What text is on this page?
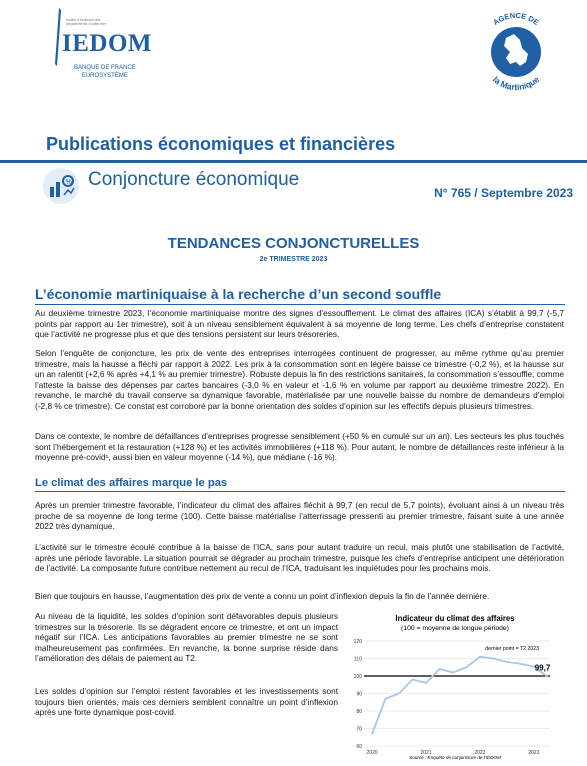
Institut d'émission des départements d'outre-mer
IEDOM
BANQUE DE FRANCE
EUROSYSTÈME
AGENCE DE
la Martinique
Publications économiques et financières
% Conjoncture économique
N° 765 / Septembre 2023
TENDANCES CONJONCTURELLES
2e TRIMESTRE 2023
L’économie martiniquaise à la recherche d’un second souffle
Au deuxième trimestre 2023, l’économie martiniquaise montre des signes d’essoufflement. Le climat des affaires (ICA) s’établit à 99,7 (-5,7 points par rapport au 1er trimestre), soit à un niveau sensiblement équivalent à sa moyenne de long terme. Les chefs d’entreprise constatent que l’activité ne progresse plus et que des tensions persistent sur leurs trésoreries.
Selon l’enquête de conjoncture, les prix de vente des entreprises interrogées continuent de progresser, au même rythme qu’au premier trimestre, mais la hausse a fléchi par rapport à 2022. Les prix à la consommation sont en légère baisse ce trimestre (-0,2 %), et la hausse sur un an ralentit (+2,6 % après +4,1 % au premier trimestre). Robuste depuis la fin des restrictions sanitaires, la consommation s’essouffle, comme l’atteste la baisse des dépenses par cartes bancaires (-3,0 % en valeur et -1,6 % en volume par rapport au deuxième trimestre 2022). En revanche, le marché du travail conserve sa dynamique favorable, matérialisée par une nouvelle baisse du nombre de demandeurs d’emploi (-2,8 % ce trimestre). Ce constat est corroboré par la bonne orientation des soldes d’opinion sur les effectifs depuis plusieurs trimestres.
Dans ce contexte, le nombre de défaillances d’entreprises progresse sensiblement (+50 % en cumulé sur un an). Les secteurs les plus touchés sont l’hébergement et la restauration (+128 %) et les activités immobilières (+118 %). Pour autant, le nombre de défaillances reste inférieur à la moyenne pré-covid¹, aussi bien en valeur moyenne (-14 %), que médiane (-16 %).
Le climat des affaires marque le pas
Après un premier trimestre favorable, l’indicateur du climat des affaires fléchit à 99,7 (en recul de 5,7 points), évoluant ainsi à un niveau très proche de sa moyenne de long terme (100). Cette baisse matérialise l’atterrissage pressenti au premier trimestre, faisant suite à une année 2022 très dynamique.
L’activité sur le trimestre écoulé contribue à la baisse de l’ICA, sans pour autant traduire un recul, mais plutôt une stabilisation de l’activité, après une période favorable. La situation pourrait se dégrader au prochain trimestre, puisque les chefs d’entreprise anticipent une détérioration de l’activité. La composante future contribue nettement au recul de l’ICA, traduisant les inquiétudes pour les prochains mois.
Bien que toujours en hausse, l’augmentation des prix de vente a connu un point d’inflexion depuis la fin de l’année dernière.
Au niveau de la liquidité, les soldes d’opinion sont défavorables depuis plusieurs trimestres sur la trésorerie. Ils se dégradent encore ce trimestre, et ont un impact négatif sur l’ICA. Les anticipations favorables au premier trimestre ne se sont malheureusement pas confirmées. En revanche, la bonne surprise réside dans l’amélioration des délais de paiement au T2.
Les soldes d’opinion sur l’emploi restent favorables et les investissements sont toujours bien orientés, mais ces derniers semblent connaître un point d’inflexion après une forte dynamique post-covid.
Indicateur du climat des affaires
(100 = moyenne de longue période)
60
70
80
90
100
110
120
2020	2021	2022	2023
dernier point = T2 2023
99,7
Source : Enquête de conjoncture de l’IEDOM
